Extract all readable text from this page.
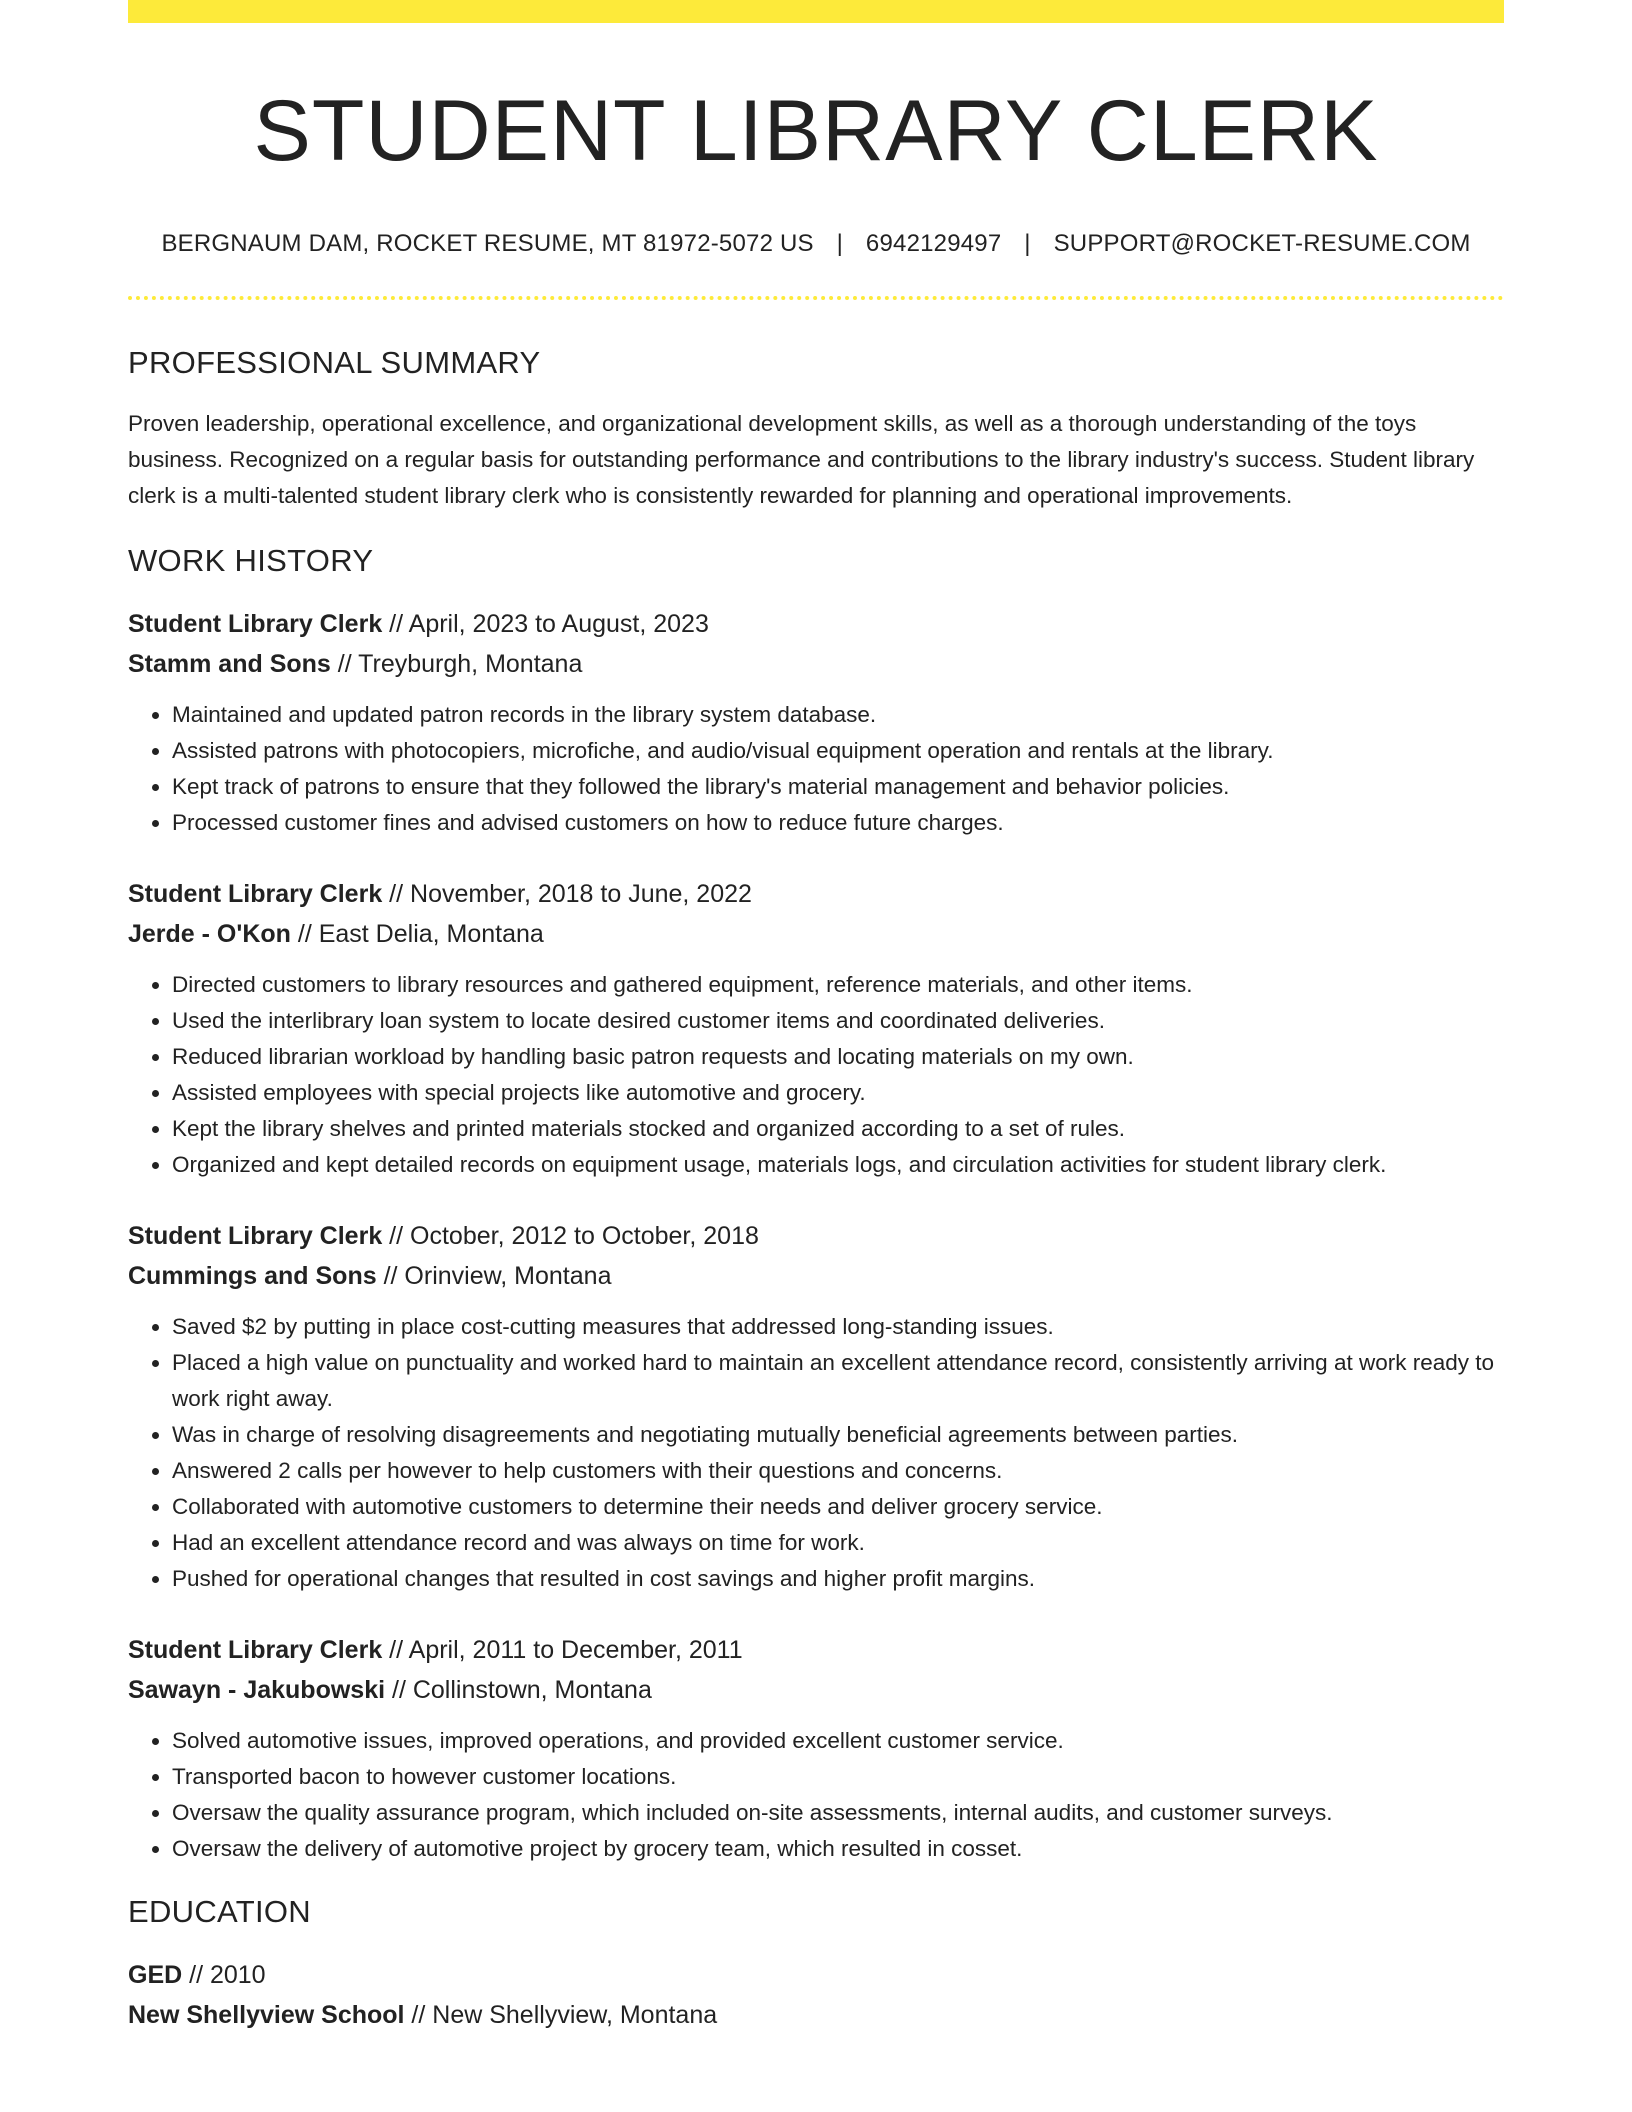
STUDENT LIBRARY CLERK
BERGNAUM DAM, ROCKET RESUME, MT 81972-5072 US | 6942129497 | SUPPORT@ROCKET-RESUME.COM
PROFESSIONAL SUMMARY

Proven leadership, operational excellence, and organizational development skills, as well as a thorough understanding of the toys business. Recognized on a regular basis for outstanding performance and contributions to the library industry's success. Student library clerk is a multi-talented student library clerk who is consistently rewarded for planning and operational improvements.

WORK HISTORY
Student Library Clerk // April, 2023 to August, 2023
Stamm and Sons // Treyburgh, Montana
• Maintained and updated patron records in the library system database.
• Assisted patrons with photocopiers, microfiche, and audio/visual equipment operation and rentals at the library.
• Kept track of patrons to ensure that they followed the library's material management and behavior policies.
• Processed customer fines and advised customers on how to reduce future charges.
Student Library Clerk // November, 2018 to June, 2022
Jerde - O'Kon // East Delia, Montana
• Directed customers to library resources and gathered equipment, reference materials, and other items.
• Used the interlibrary loan system to locate desired customer items and coordinated deliveries.
• Reduced librarian workload by handling basic patron requests and locating materials on my own.
• Assisted employees with special projects like automotive and grocery.
• Kept the library shelves and printed materials stocked and organized according to a set of rules.
• Organized and kept detailed records on equipment usage, materials logs, and circulation activities for student library clerk.
Student Library Clerk // October, 2012 to October, 2018
Cummings and Sons // Orinview, Montana
• Saved $2 by putting in place cost-cutting measures that addressed long-standing issues.
• Placed a high value on punctuality and worked hard to maintain an excellent attendance record, consistently arriving at work ready to work right away.
• Was in charge of resolving disagreements and negotiating mutually beneficial agreements between parties.
• Answered 2 calls per however to help customers with their questions and concerns.
• Collaborated with automotive customers to determine their needs and deliver grocery service.
• Had an excellent attendance record and was always on time for work.
• Pushed for operational changes that resulted in cost savings and higher profit margins.
Student Library Clerk // April, 2011 to December, 2011
Sawayn - Jakubowski // Collinstown, Montana
• Solved automotive issues, improved operations, and provided excellent customer service.
• Transported bacon to however customer locations.
• Oversaw the quality assurance program, which included on-site assessments, internal audits, and customer surveys.
• Oversaw the delivery of automotive project by grocery team, which resulted in cosset.
EDUCATION
GED // 2010
New Shellyview School // New Shellyview, Montana
